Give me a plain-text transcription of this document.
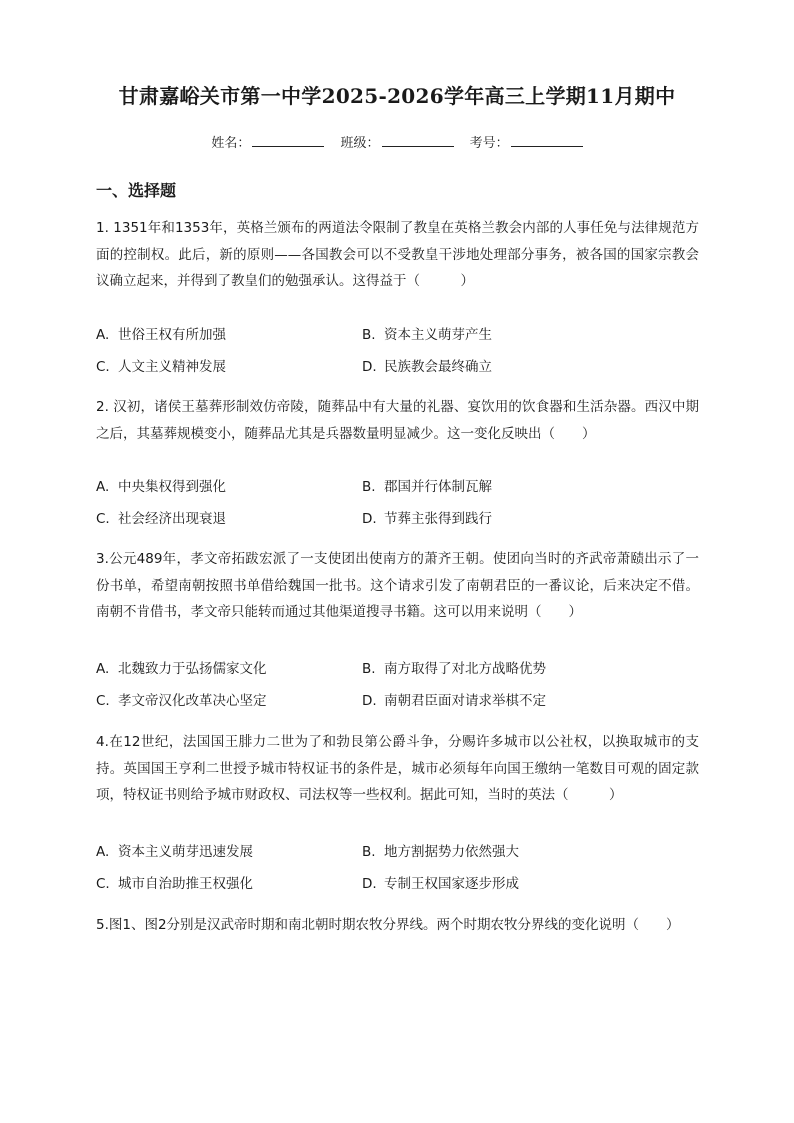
甘肃嘉峪关市第一中学2025-2026学年高三上学期11月期中
姓名：	班级：	考号：
一、选择题
1. 1351年和1353年，英格兰颁布的两道法令限制了教皇在英格兰教会内部的人事任免与法律规范方面的控制权。此后，新的原则——各国教会可以不受教皇干涉地处理部分事务，被各国的国家宗教会议确立起来，并得到了教皇们的勉强承认。这得益于（　　　）
A. 世俗王权有所加强	B. 资本主义萌芽产生
C. 人文主义精神发展	D. 民族教会最终确立
2. 汉初，诸侯王墓葬形制效仿帝陵，随葬品中有大量的礼器、宴饮用的饮食器和生活杂器。西汉中期之后，其墓葬规模变小，随葬品尤其是兵器数量明显减少。这一变化反映出（　　）
A. 中央集权得到强化	B. 郡国并行体制瓦解
C. 社会经济出现衰退	D. 节葬主张得到践行
3.公元489年，孝文帝拓跋宏派了一支使团出使南方的萧齐王朝。使团向当时的齐武帝萧赜出示了一份书单，希望南朝按照书单借给魏国一批书。这个请求引发了南朝君臣的一番议论，后来决定不借。南朝不肯借书，孝文帝只能转而通过其他渠道搜寻书籍。这可以用来说明（　　）
A. 北魏致力于弘扬儒家文化	B. 南方取得了对北方战略优势
C. 孝文帝汉化改革决心坚定	D. 南朝君臣面对请求举棋不定
4.在12世纪，法国国王腓力二世为了和勃艮第公爵斗争，分赐许多城市以公社权，以换取城市的支持。英国国王亨利二世授予城市特权证书的条件是，城市必须每年向国王缴纳一笔数目可观的固定款项，特权证书则给予城市财政权、司法权等一些权利。据此可知，当时的英法（　　　）
A. 资本主义萌芽迅速发展	B. 地方割据势力依然强大
C. 城市自治助推王权强化	D. 专制王权国家逐步形成
5.图1、图2分别是汉武帝时期和南北朝时期农牧分界线。两个时期农牧分界线的变化说明（　　）
